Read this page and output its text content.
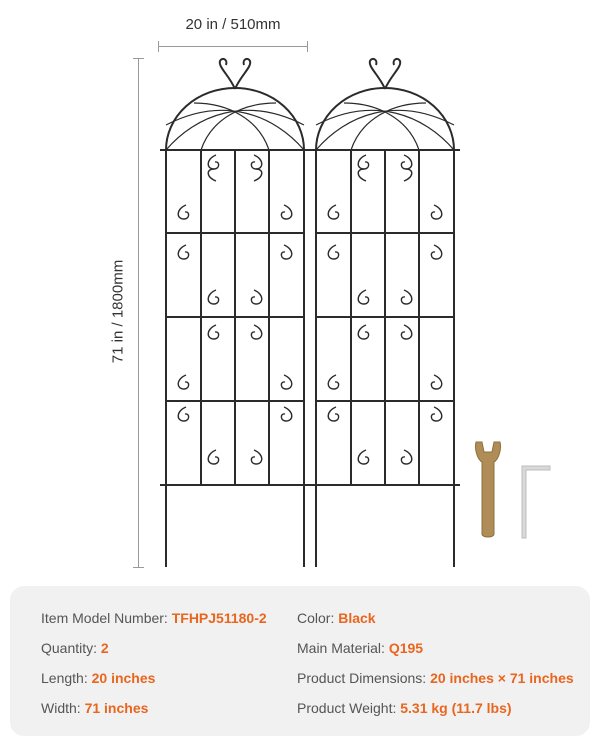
20 in / 510mm
71 in / 1800mm
Item Model Number: TFHPJ51180-2 Color: Black
Quantity: 2	Main Material: Q195
Length: 20 inches	Product Dimensions: 20 inches × 71 inches
Width: 71 inches	Product Weight: 5.31 kg (11.7 lbs)
